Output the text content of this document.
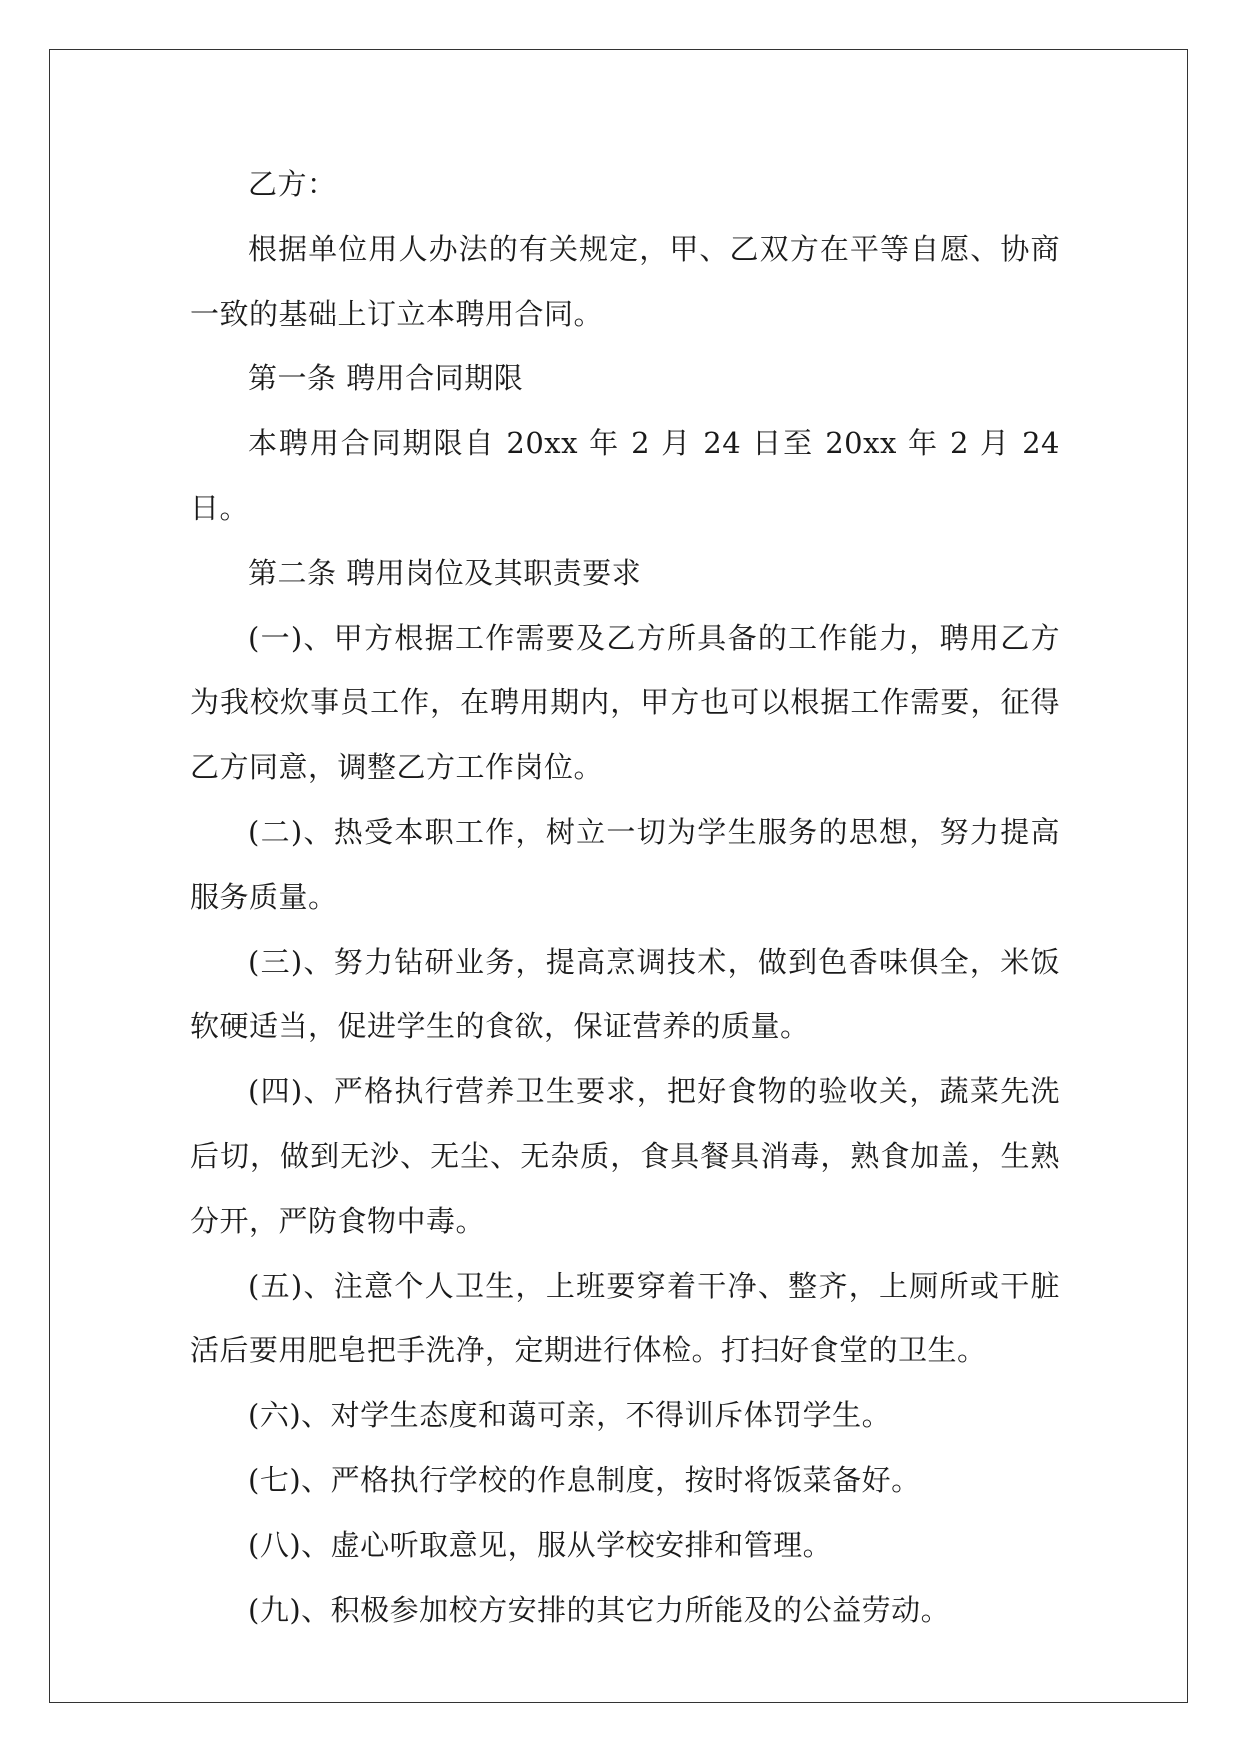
乙方：

根据单位用人办法的有关规定，甲、乙双方在平等自愿、协商一致的基础上订立本聘用合同。

第一条 聘用合同期限

本聘用合同期限自 20xx 年 2 月 24 日至 20xx 年 2 月 24 日。

第二条 聘用岗位及其职责要求

(一)、甲方根据工作需要及乙方所具备的工作能力，聘用乙方为我校炊事员工作，在聘用期内，甲方也可以根据工作需要，征得乙方同意，调整乙方工作岗位。

(二)、热受本职工作，树立一切为学生服务的思想，努力提高服务质量。

(三)、努力钻研业务，提高烹调技术，做到色香味俱全，米饭软硬适当，促进学生的食欲，保证营养的质量。

(四)、严格执行营养卫生要求，把好食物的验收关，蔬菜先洗后切，做到无沙、无尘、无杂质，食具餐具消毒，熟食加盖，生熟分开，严防食物中毒。

(五)、注意个人卫生，上班要穿着干净、整齐，上厕所或干脏活后要用肥皂把手洗净，定期进行体检。打扫好食堂的卫生。

(六)、对学生态度和蔼可亲，不得训斥体罚学生。

(七)、严格执行学校的作息制度，按时将饭菜备好。

(八)、虚心听取意见，服从学校安排和管理。

(九)、积极参加校方安排的其它力所能及的公益劳动。
